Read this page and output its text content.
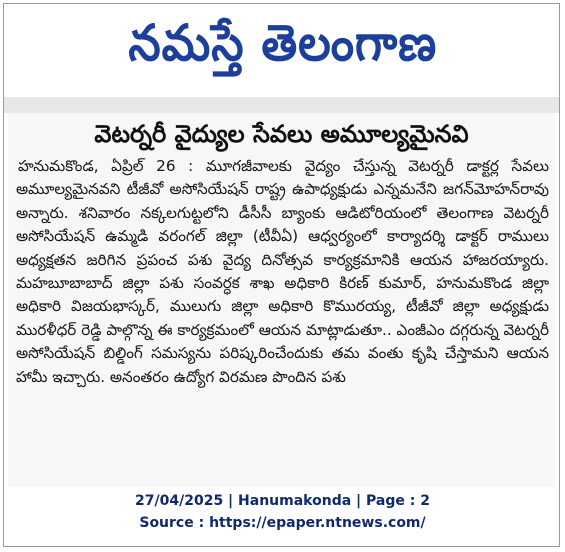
నమస్తే తెలంగాణ
వెటర్నరీ వైద్యుల సేవలు అమూల్యమైనవి
హనుమకొండ, ఏప్రిల్ 26 : మూగజీవాలకు వైద్యం చేస్తున్న వెటర్నరీ డాక్టర్ల సేవలు అమూల్యమైనవని టీజీవో అసోసియేషన్ రాష్ట్ర ఉపాధ్యక్షుడు ఎన్నమనేని జగన్‌మోహన్‌రావు అన్నారు. శనివారం నక్కలగుట్టలోని డీసీసీ బ్యాంకు ఆడిటోరియంలో తెలంగాణ వెటర్నరీ అసోసియేషన్ ఉమ్మడి వరంగల్ జిల్లా (టీవీఏ) ఆధ్వర్యంలో కార్యాదర్శి డాక్టర్ రాములు అధ్యక్షతన జరిగిన ప్రపంచ పశు వైద్య దినోత్సవ కార్యక్రమానికి ఆయన హాజరయ్యారు. మహబూబాబాద్ జిల్లా పశు సంవర్ధక శాఖ అధికారి కిరణ్ కుమార్, హనుమకొండ జిల్లా అధికారి విజయభాస్కర్, ములుగు జిల్లా అధికారి కొమురయ్య, టీజీవో జిల్లా అధ్యక్షుడు మురళీధర్ రెడ్డి పాల్గొన్న ఈ కార్యక్రమంలో ఆయన మాట్లాడుతూ.. ఎంజీఎం దగ్గరున్న వెటర్నరీ అసోసియేషన్ బిల్డింగ్ సమస్యను పరిష్కరించేందుకు తమ వంతు కృషి చేస్తామని ఆయన హామీ ఇచ్చారు. అనంతరం ఉద్యోగ విరమణ పొందిన పశు
27/04/2025 | Hanumakonda | Page : 2
Source : https://epaper.ntnews.com/
